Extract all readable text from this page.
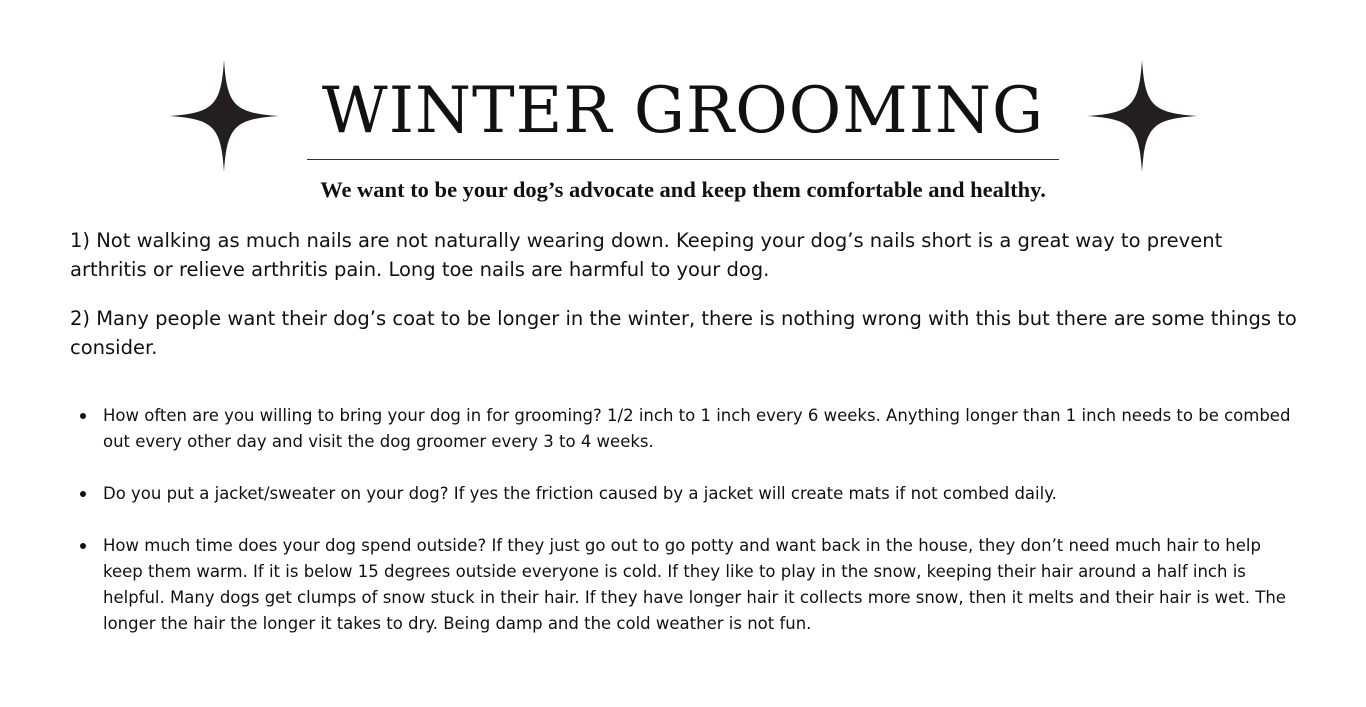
WINTER GROOMING

We want to be your dog’s advocate and keep them comfortable and healthy.

1) Not walking as much nails are not naturally wearing down. Keeping your dog’s nails short is a great way to prevent arthritis or relieve arthritis pain. Long toe nails are harmful to your dog.

2) Many people want their dog’s coat to be longer in the winter, there is nothing wrong with this but there are some things to consider.

How often are you willing to bring your dog in for grooming? 1/2 inch to 1 inch every 6 weeks. Anything longer than 1 inch needs to be combed out every other day and visit the dog groomer every 3 to 4 weeks.
Do you put a jacket/sweater on your dog? If yes the friction caused by a jacket will create mats if not combed daily.
How much time does your dog spend outside? If they just go out to go potty and want back in the house, they don’t need much hair to help keep them warm. If it is below 15 degrees outside everyone is cold. If they like to play in the snow, keeping their hair around a half inch is helpful. Many dogs get clumps of snow stuck in their hair. If they have longer hair it collects more snow, then it melts and their hair is wet. The longer the hair the longer it takes to dry. Being damp and the cold weather is not fun.
